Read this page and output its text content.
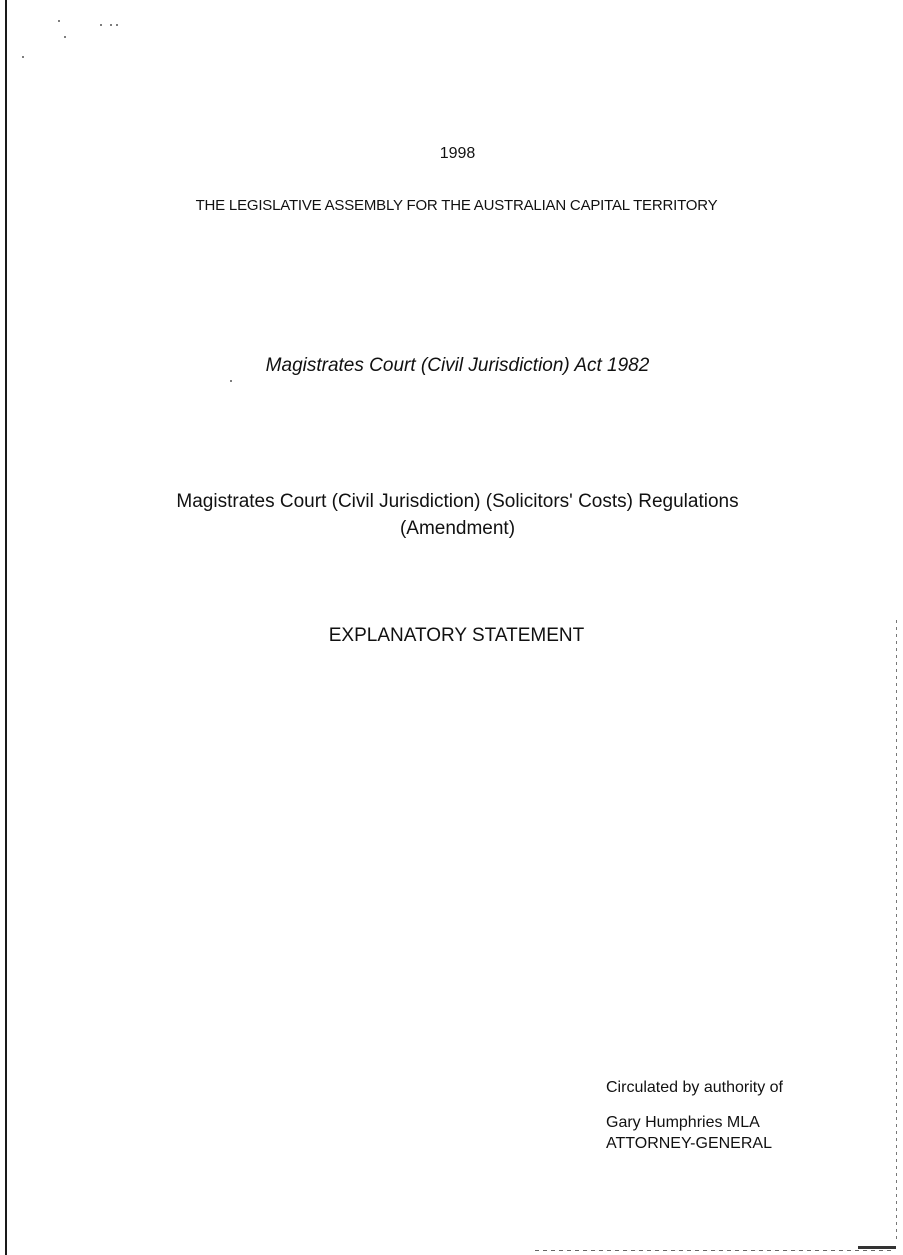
1998
THE LEGISLATIVE ASSEMBLY FOR THE AUSTRALIAN CAPITAL TERRITORY
Magistrates Court (Civil Jurisdiction) Act 1982
Magistrates Court (Civil Jurisdiction) (Solicitors' Costs) Regulations
(Amendment)
EXPLANATORY STATEMENT
Circulated by authority of
Gary Humphries MLA
ATTORNEY-GENERAL
